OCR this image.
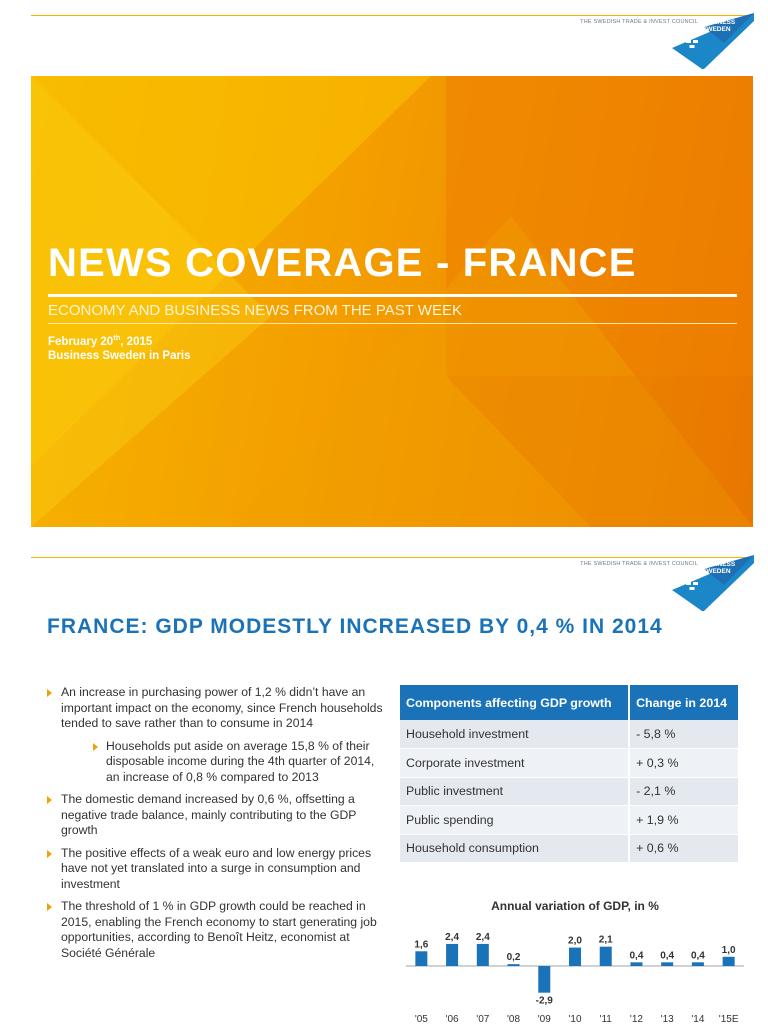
THE SWEDISH TRADE & INVEST COUNCIL BUSINESS
SWEDEN
NEWS COVERAGE - FRANCE
ECONOMY AND BUSINESS NEWS FROM THE PAST WEEK
February 20th, 2015
Business Sweden in Paris
THE SWEDISH TRADE & INVEST COUNCIL BUSINESS
SWEDEN
FRANCE: GDP MODESTLY INCREASED BY 0,4 % IN 2014
An increase in purchasing power of 1,2 % didn’t have an important impact on the economy, since French households tended to save rather than to consume in 2014
Households put aside on average 15,8 % of their disposable income during the 4th quarter of 2014, an increase of 0,8 % compared to 2013
The domestic demand increased by 0,6 %, offsetting a negative trade balance, mainly contributing to the GDP growth
The positive effects of a weak euro and low energy prices have not yet translated into a surge in consumption and investment
The threshold of 1 % in GDP growth could be reached in 2015, enabling the French economy to start generating job opportunities, according to Benoît Heitz, economist at Société Générale
Components affecting GDP growth	Change in 2014
Household investment	- 5,8 %
Corporate investment	+ 0,3 %
Public investment	- 2,1 %
Public spending	+ 1,9 %
Household consumption	+ 0,6 %
1,6
'05
2,4
'06
2,4
'07
0,2
'08
-2,9
'09
2,0
'10
2,1
'11
0,4
'12
0,4
'13
0,4
'14
1,0
'15E
Annual variation of GDP, in %
